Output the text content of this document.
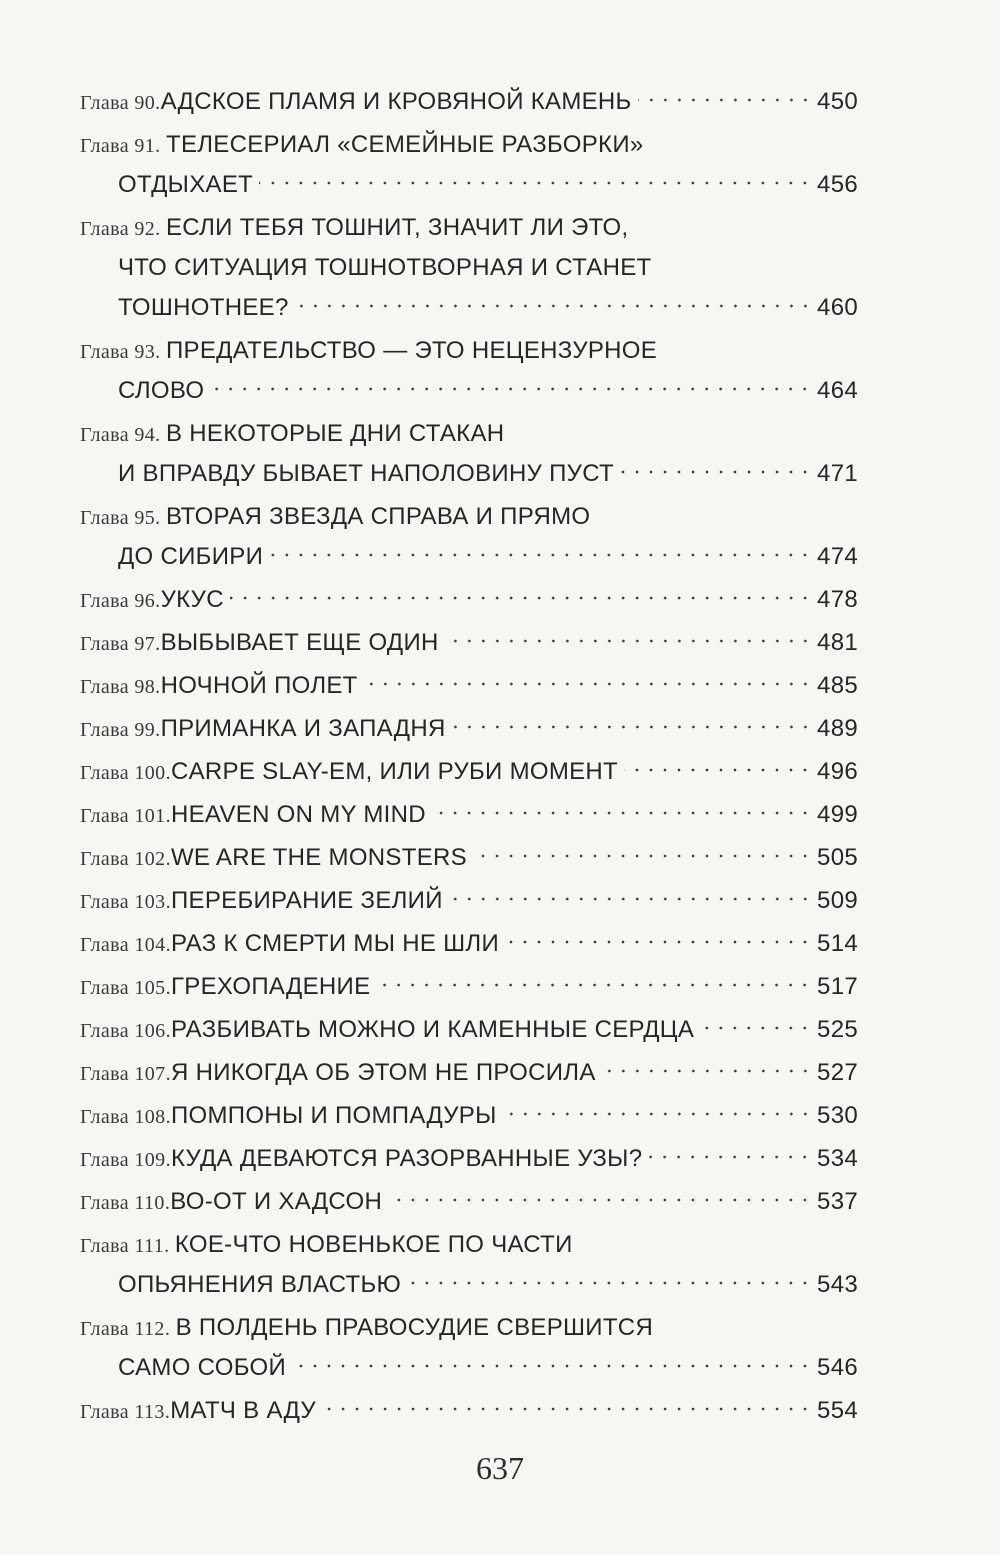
Глава 90. АДСКОЕ ПЛАМЯ И КРОВЯНОЙ КАМЕНЬ	450
Глава 91. ТЕЛЕСЕРИАЛ «СЕМЕЙНЫЕ РАЗБОРКИ»
ОТДЫХАЕТ	456
Глава 92. ЕСЛИ ТЕБЯ ТОШНИТ, ЗНАЧИТ ЛИ ЭТО,
ЧТО СИТУАЦИЯ ТОШНОТВОРНАЯ И СТАНЕТ
ТОШНОТНЕЕ?	460
Глава 93. ПРЕДАТЕЛЬСТВО — ЭТО НЕЦЕНЗУРНОЕ
СЛОВО	464
Глава 94. В НЕКОТОРЫЕ ДНИ СТАКАН
И ВПРАВДУ БЫВАЕТ НАПОЛОВИНУ ПУСТ	471
Глава 95. ВТОРАЯ ЗВЕЗДА СПРАВА И ПРЯМО
ДО СИБИРИ	474
Глава 96. УКУС	478
Глава 97. ВЫБЫВАЕТ ЕЩЕ ОДИН	481
Глава 98. НОЧНОЙ ПОЛЕТ	485
Глава 99. ПРИМАНКА И ЗАПАДНЯ	489
Глава 100. CARPE SLAY-EM, ИЛИ РУБИ МОМЕНТ	496
Глава 101. HEAVEN ON MY MIND	499
Глава 102. WE ARE THE MONSTERS	505
Глава 103. ПЕРЕБИРАНИЕ ЗЕЛИЙ	509
Глава 104. РАЗ К СМЕРТИ МЫ НЕ ШЛИ	514
Глава 105. ГРЕХОПАДЕНИЕ	517
Глава 106. РАЗБИВАТЬ МОЖНО И КАМЕННЫЕ СЕРДЦА	525
Глава 107. Я НИКОГДА ОБ ЭТОМ НЕ ПРОСИЛА	527
Глава 108. ПОМПОНЫ И ПОМПАДУРЫ	530
Глава 109. КУДА ДЕВАЮТСЯ РАЗОРВАННЫЕ УЗЫ?	534
Глава 110. ВО-ОТ И ХАДСОН	537
Глава 111. КОЕ-ЧТО НОВЕНЬКОЕ ПО ЧАСТИ
ОПЬЯНЕНИЯ ВЛАСТЬЮ	543
Глава 112. В ПОЛДЕНЬ ПРАВОСУДИЕ СВЕРШИТСЯ
САМО СОБОЙ	546
Глава 113. МАТЧ В АДУ	554
637
